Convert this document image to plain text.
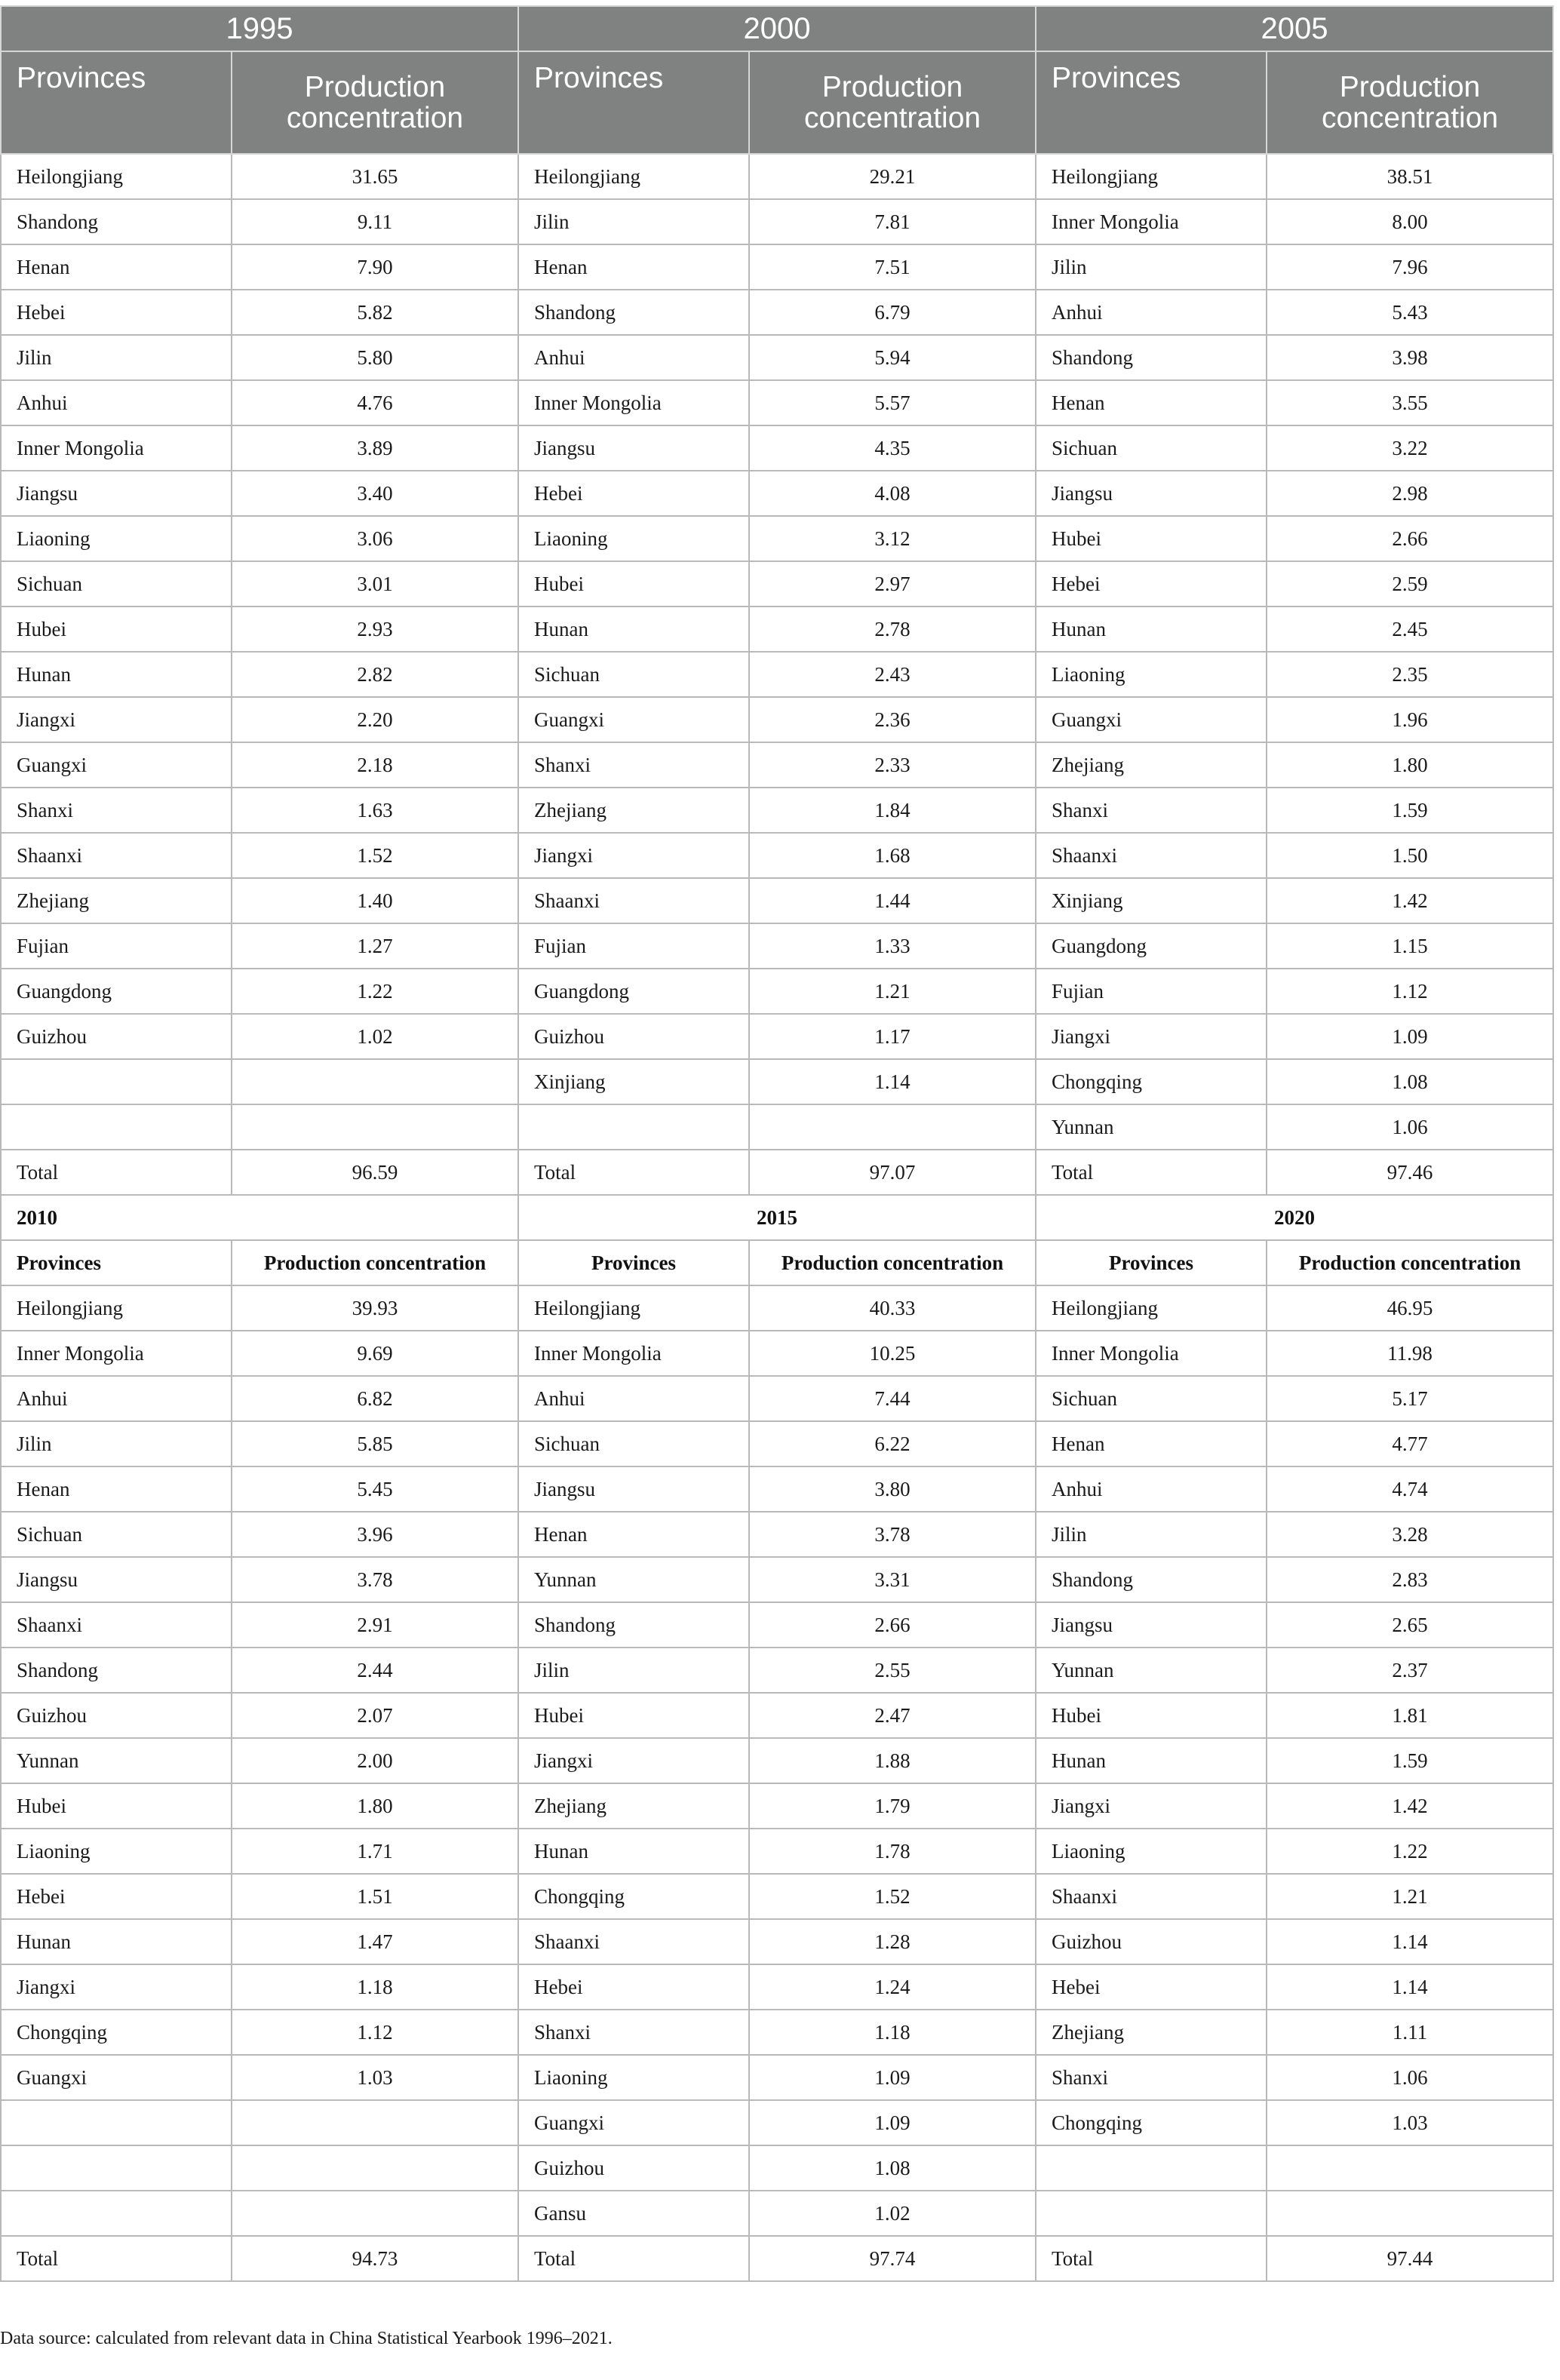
1995		2000		2005	
Provinces	Production concentration	Provinces	Production concentration	Provinces	Production concentration
Heilongjiang	31.65	Heilongjiang	29.21	Heilongjiang	38.51
Shandong	9.11	Jilin	7.81	Inner Mongolia	8.00
Henan	7.90	Henan	7.51	Jilin	7.96
Hebei	5.82	Shandong	6.79	Anhui	5.43
Jilin	5.80	Anhui	5.94	Shandong	3.98
Anhui	4.76	Inner Mongolia	5.57	Henan	3.55
Inner Mongolia	3.89	Jiangsu	4.35	Sichuan	3.22
Jiangsu	3.40	Hebei	4.08	Jiangsu	2.98
Liaoning	3.06	Liaoning	3.12	Hubei	2.66
Sichuan	3.01	Hubei	2.97	Hebei	2.59
Hubei	2.93	Hunan	2.78	Hunan	2.45
Hunan	2.82	Sichuan	2.43	Liaoning	2.35
Jiangxi	2.20	Guangxi	2.36	Guangxi	1.96
Guangxi	2.18	Shanxi	2.33	Zhejiang	1.80
Shanxi	1.63	Zhejiang	1.84	Shanxi	1.59
Shaanxi	1.52	Jiangxi	1.68	Shaanxi	1.50
Zhejiang	1.40	Shaanxi	1.44	Xinjiang	1.42
Fujian	1.27	Fujian	1.33	Guangdong	1.15
Guangdong	1.22	Guangdong	1.21	Fujian	1.12
Guizhou	1.02	Guizhou	1.17	Jiangxi	1.09
		Xinjiang	1.14	Chongqing	1.08
				Yunnan	1.06
Total	96.59	Total	97.07	Total	97.46
2010		2015		2020	
Provinces	Production concentration	Provinces	Production concentration	Provinces	Production concentration
Heilongjiang	39.93	Heilongjiang	40.33	Heilongjiang	46.95
Inner Mongolia	9.69	Inner Mongolia	10.25	Inner Mongolia	11.98
Anhui	6.82	Anhui	7.44	Sichuan	5.17
Jilin	5.85	Sichuan	6.22	Henan	4.77
Henan	5.45	Jiangsu	3.80	Anhui	4.74
Sichuan	3.96	Henan	3.78	Jilin	3.28
Jiangsu	3.78	Yunnan	3.31	Shandong	2.83
Shaanxi	2.91	Shandong	2.66	Jiangsu	2.65
Shandong	2.44	Jilin	2.55	Yunnan	2.37
Guizhou	2.07	Hubei	2.47	Hubei	1.81
Yunnan	2.00	Jiangxi	1.88	Hunan	1.59
Hubei	1.80	Zhejiang	1.79	Jiangxi	1.42
Liaoning	1.71	Hunan	1.78	Liaoning	1.22
Hebei	1.51	Chongqing	1.52	Shaanxi	1.21
Hunan	1.47	Shaanxi	1.28	Guizhou	1.14
Jiangxi	1.18	Hebei	1.24	Hebei	1.14
Chongqing	1.12	Shanxi	1.18	Zhejiang	1.11
Guangxi	1.03	Liaoning	1.09	Shanxi	1.06
		Guangxi	1.09	Chongqing	1.03
		Guizhou	1.08		
		Gansu	1.02		
Total	94.73	Total	97.74	Total	97.44
Data source: calculated from relevant data in China Statistical Yearbook 1996–2021.
